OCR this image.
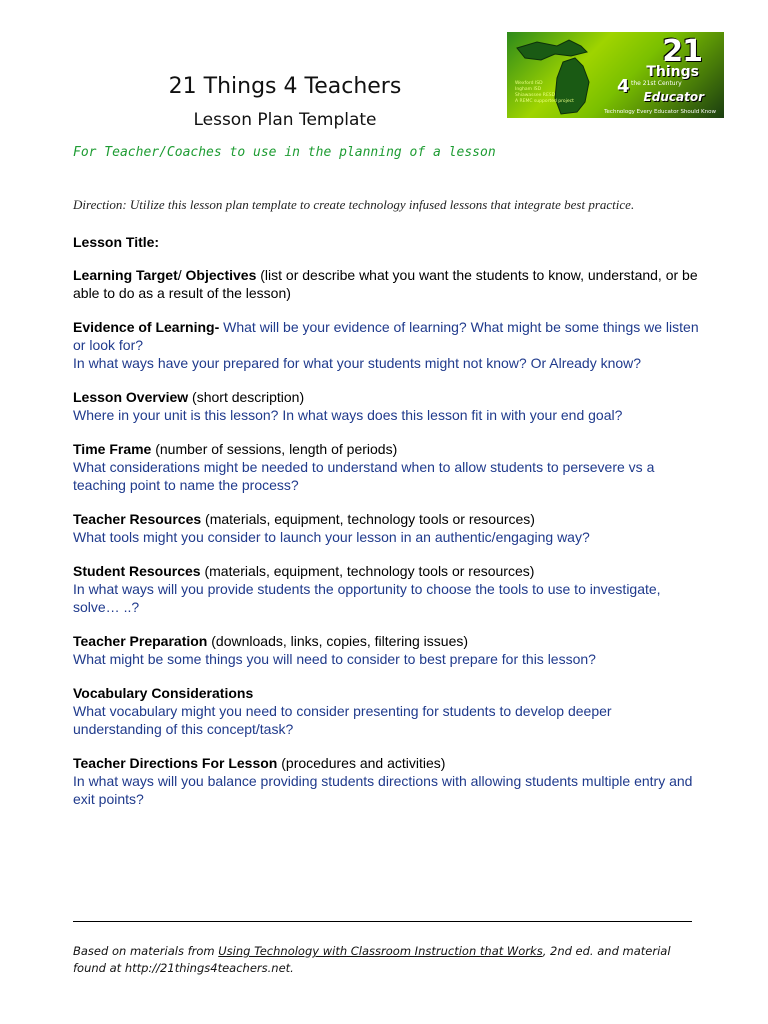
21 Things 4 Teachers
Lesson Plan Template
For Teacher/Coaches to use in the planning of a lesson
Wexford ISD
Ingham ISD
Shiawassee RESD
A REMC supported project
21
Things
4 the 21st Century
Educator
Technology Every Educator Should Know
Direction: Utilize this lesson plan template to create technology infused lessons that integrate best practice.
Lesson Title:
Learning Target/ Objectives (list or describe what you want the students to know, understand, or be able to do as a result of the lesson)
Evidence of Learning- What will be your evidence of learning? What might be some things we listen or look for?
In what ways have your prepared for what your students might not know? Or Already know?
Lesson Overview (short description)
Where in your unit is this lesson? In what ways does this lesson fit in with your end goal?
Time Frame (number of sessions, length of periods)
What considerations might be needed to understand when to allow students to persevere vs a teaching point to name the process?
Teacher Resources (materials, equipment, technology tools or resources)
What tools might you consider to launch your lesson in an authentic/engaging way?
Student Resources (materials, equipment, technology tools or resources)
In what ways will you provide students the opportunity to choose the tools to use to investigate, solve… ..?
Teacher Preparation (downloads, links, copies, filtering issues)
What might be some things you will need to consider to best prepare for this lesson?
Vocabulary Considerations
What vocabulary might you need to consider presenting for students to develop deeper understanding of this concept/task?
Teacher Directions For Lesson (procedures and activities)
In what ways will you balance providing students directions with allowing students multiple entry and exit points?
Based on materials from Using Technology with Classroom Instruction that Works, 2nd ed. and material found at http://21things4teachers.net.
